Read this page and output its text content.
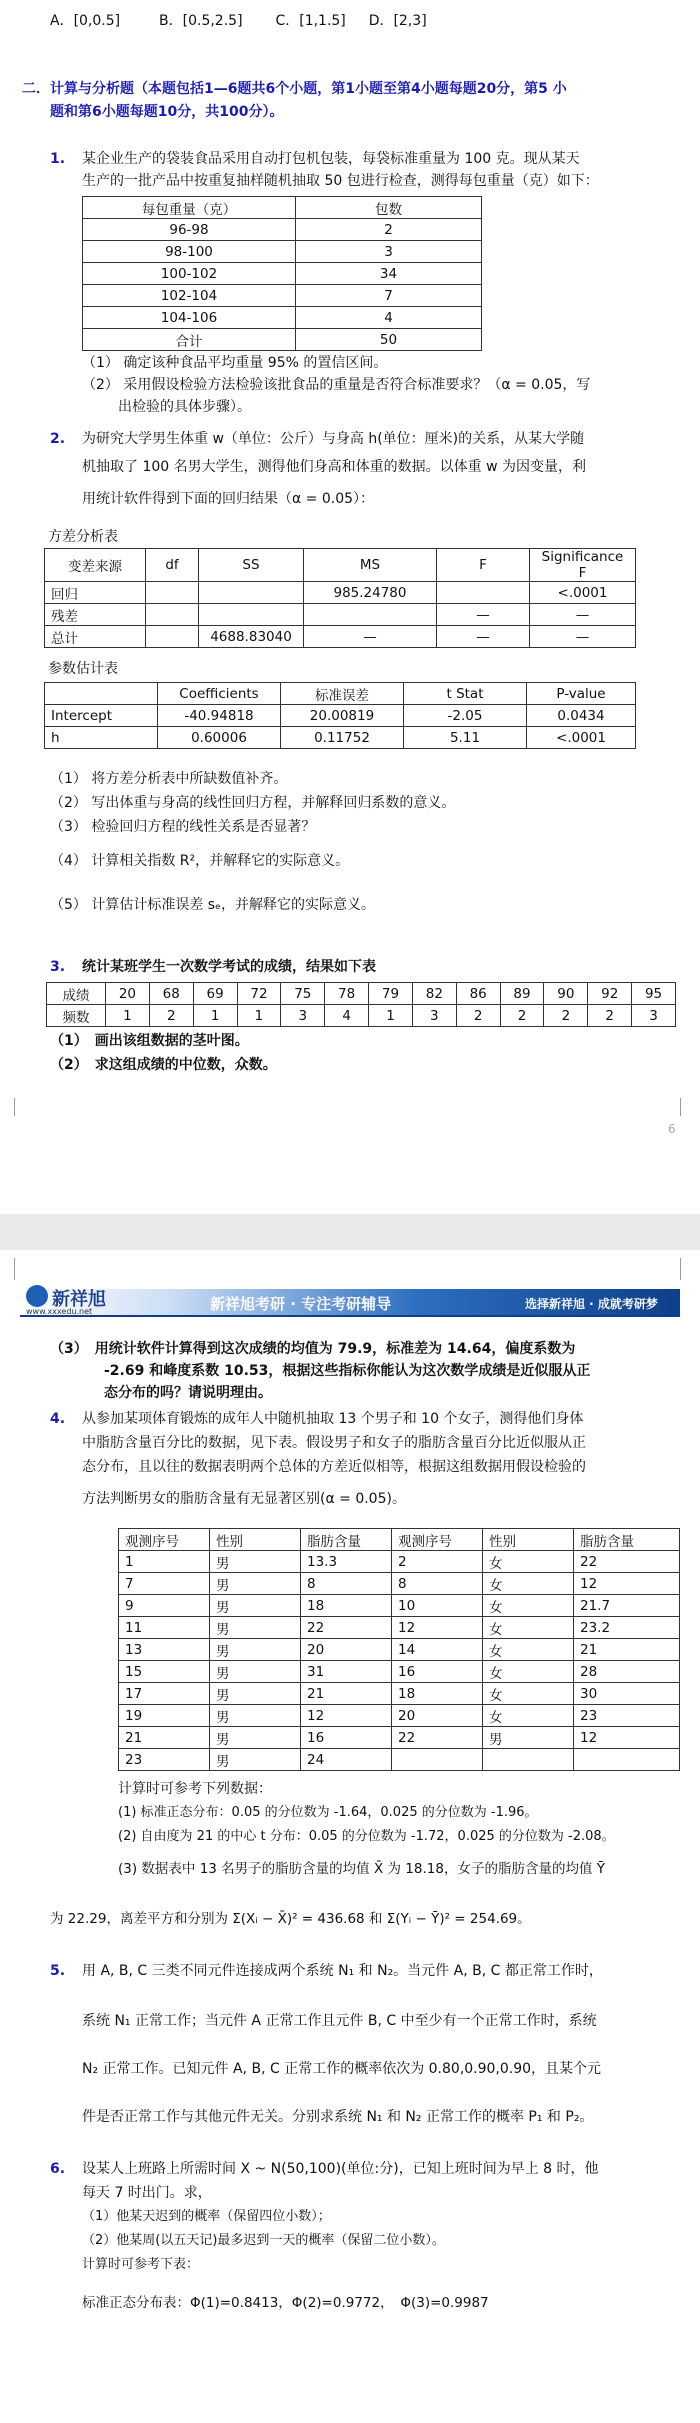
A．[0,0.5]	B．[0.5,2.5] C．[1,1.5] D．[2,3]
二．计算与分析题（本题包括1—6题共6个小题，第1小题至第4小题每题20分，第5 小
题和第6小题每题10分，共100分）。
1. 某企业生产的袋装食品采用自动打包机包装，每袋标准重量为 100 克。现从某天
生产的一批产品中按重复抽样随机抽取 50 包进行检查，测得每包重量（克）如下：
每包重量（克）	包数
96-98	2
98-100	3
100-102	34
102-104	7
104-106	4
合计	50
（1） 确定该种食品平均重量 95% 的置信区间。
（2） 采用假设检验方法检验该批食品的重量是否符合标准要求？（α = 0.05，写
出检验的具体步骤）。
2. 为研究大学男生体重 w（单位：公斤）与身高 h(单位：厘米)的关系，从某大学随
机抽取了 100 名男大学生，测得他们身高和体重的数据。以体重 w 为因变量，利
用统计软件得到下面的回归结果（α = 0.05）：
方差分析表
变差来源	df	SS	MS	F	Significance F
回归			985.24780		<.0001
残差				—	—
总计		4688.83040	—	—	—
参数估计表
	Coefficients	标准误差	t Stat	P-value
Intercept	-40.94818	20.00819	-2.05	0.0434
h	0.60006	0.11752	5.11	<.0001
（1） 将方差分析表中所缺数值补齐。
（2） 写出体重与身高的线性回归方程，并解释回归系数的意义。
（3） 检验回归方程的线性关系是否显著？
（4） 计算相关指数 R²，并解释它的实际意义。
（5） 计算估计标准误差 sₑ，并解释它的实际意义。
3. 统计某班学生一次数学考试的成绩，结果如下表
成绩	20	68	69	72	75	78	79	82	86	89	90	92	95
频数	1	2	1	1	3	4	1	3	2	2	2	2	3
（1）　画出该组数据的茎叶图。
（2）　求这组成绩的中位数，众数。
6
新祥旭
www.xxxedu.net	新祥旭考研 · 专注考研辅导	选择新祥旭 · 成就考研梦
（3）　用统计软件计算得到这次成绩的均值为 79.9，标准差为 14.64，偏度系数为
-2.69 和峰度系数 10.53，根据这些指标你能认为这次数学成绩是近似服从正
态分布的吗？请说明理由。
4. 从参加某项体育锻炼的成年人中随机抽取 13 个男子和 10 个女子，测得他们身体
中脂肪含量百分比的数据，见下表。假设男子和女子的脂肪含量百分比近似服从正
态分布，且以往的数据表明两个总体的方差近似相等，根据这组数据用假设检验的
方法判断男女的脂肪含量有无显著区别(α = 0.05)。
观测序号	性别	脂肪含量	观测序号	性别	脂肪含量
1	男	13.3	2	女	22
7	男	8	8	女	12
9	男	18	10	女	21.7
11	男	22	12	女	23.2
13	男	20	14	女	21
15	男	31	16	女	28
17	男	21	18	女	30
19	男	12	20	女	23
21	男	16	22	男	12
23	男	24			
计算时可参考下列数据：
(1) 标准正态分布：0.05 的分位数为 -1.64，0.025 的分位数为 -1.96。
(2) 自由度为 21 的中心 t 分布：0.05 的分位数为 -1.72，0.025 的分位数为 -2.08。
(3) 数据表中 13 名男子的脂肪含量的均值 X̄ 为 18.18，女子的脂肪含量的均值 Ȳ
为 22.29，离差平方和分别为 Σ(Xᵢ − X̄)² = 436.68 和 Σ(Yᵢ − Ȳ)² = 254.69。
5. 用 A, B, C 三类不同元件连接成两个系统 N₁ 和 N₂。当元件 A, B, C 都正常工作时，
系统 N₁ 正常工作；当元件 A 正常工作且元件 B, C 中至少有一个正常工作时，系统
N₂ 正常工作。已知元件 A, B, C 正常工作的概率依次为 0.80,0.90,0.90，且某个元
件是否正常工作与其他元件无关。分别求系统 N₁ 和 N₂ 正常工作的概率 P₁ 和 P₂。
6. 设某人上班路上所需时间 X ~ N(50,100)(单位:分)，已知上班时间为早上 8 时，他
每天 7 时出门。求，
（1）他某天迟到的概率（保留四位小数）；
（2）他某周(以五天记)最多迟到一天的概率（保留二位小数）。
计算时可参考下表：
标准正态分布表：Φ(1)=0.8413，Φ(2)=0.9772，　Φ(3)=0.9987
